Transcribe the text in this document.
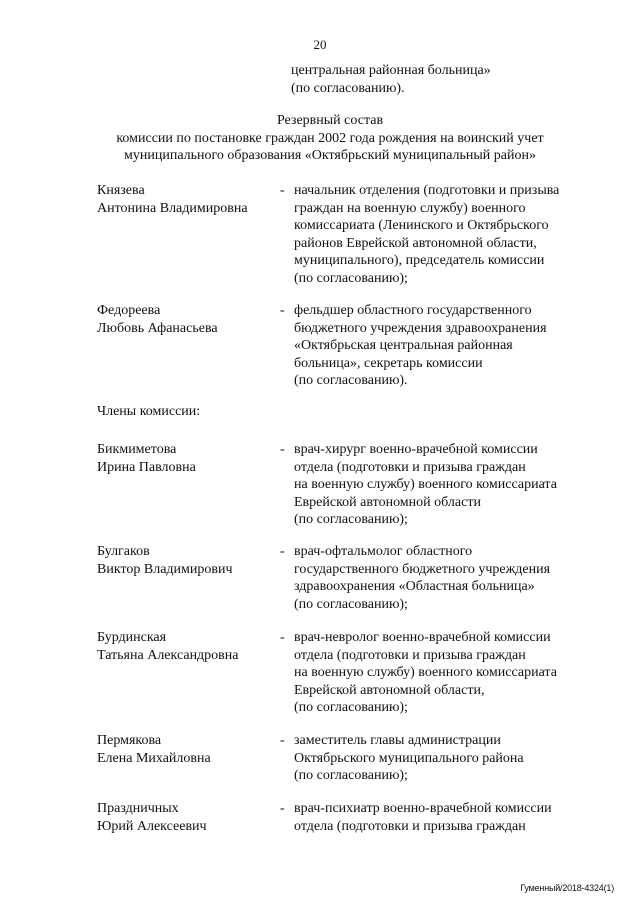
20
центральная районная больница»
(по согласованию).
Резервный состав
комиссии по постановке граждан 2002 года рождения на воинский учет
муниципального образования «Октябрьский муниципальный район»
Князева
Антонина Владимировна
- начальник отделения (подготовки и призыва
граждан на военную службу) военного
комиссариата (Ленинского и Октябрьского
районов Еврейской автономной области,
муниципального), председатель комиссии
(по согласованию);
Федореева
Любовь Афанасьева
- фельдшер областного государственного
бюджетного учреждения здравоохранения
«Октябрьская центральная районная
больница», секретарь комиссии
(по согласованию).
Члены комиссии:
Бикмиметова
Ирина Павловна
- врач-хирург военно-врачебной комиссии
отдела (подготовки и призыва граждан
на военную службу) военного комиссариата
Еврейской автономной области
(по согласованию);
Булгаков
Виктор Владимирович
- врач-офтальмолог областного
государственного бюджетного учреждения
здравоохранения «Областная больница»
(по согласованию);
Бурдинская
Татьяна Александровна
- врач-невролог военно-врачебной комиссии
отдела (подготовки и призыва граждан
на военную службу) военного комиссариата
Еврейской автономной области,
(по согласованию);
Пермякова
Елена Михайловна
- заместитель главы администрации
Октябрьского муниципального района
(по согласованию);
Праздничных
Юрий Алексеевич
- врач-психиатр военно-врачебной комиссии
отдела (подготовки и призыва граждан
Гуменный/2018-4324(1)
